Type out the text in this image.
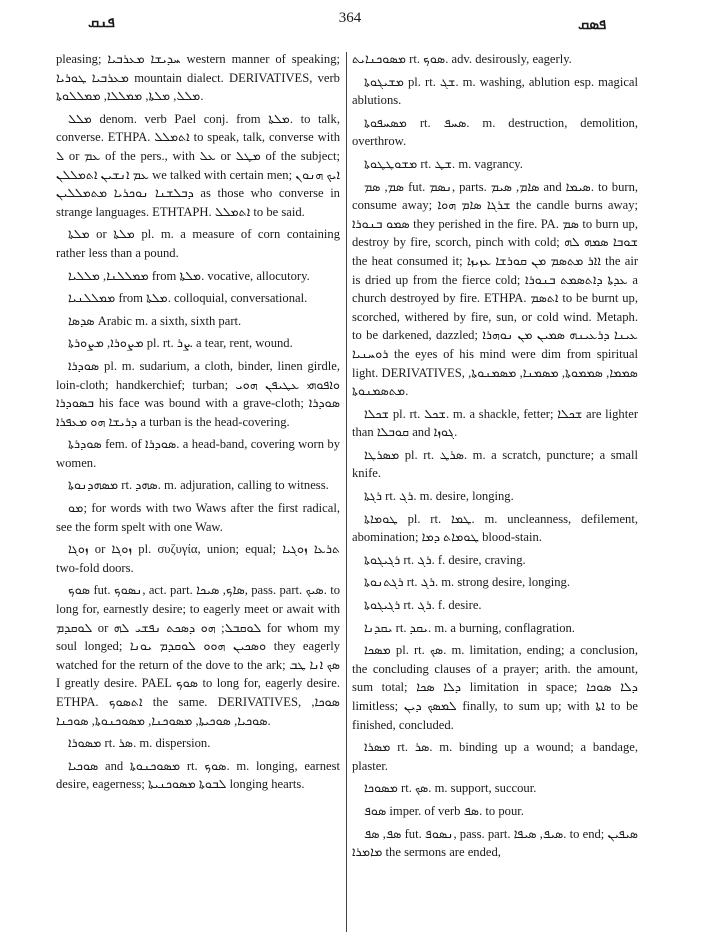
ܦܢܩ	364	ܦܣܩ

pleasing; ܚܕܝܫܐ ܡܥܪܒܝܐ western manner of speaking; ܡܥܪܒܝܐ ܛܘܪܝܐ mountain dialect. DERIVATIVES, verb ܡܠܠ, ܡܠܬܐ, ܡܡܠܠܐ, ܡܡܠܠܘܬܐ.

ܡܠܠ denom. verb Pael conj. from ܡܠܬܐ. to talk, converse. ETHPA. ܐܬܡܠܠ to speak, talk, converse with ܠ or ܥܡ of the pers., with ܥܠ or ܡܛܠ of the subject; ܥܡ ܐܢܫܝܢ ܐܬܡܠܠܢ we talked with certain men; ܐܝܟ ܗܢܘܢ ܕܒܠܫܢܐ ܢܘܟܪܝܐ ܡܬܡܠܠܝܢ as those who converse in strange languages. ETHTAPH. ܐܬܡܠܠ to be said.

ܡܠܬܐ or ܡܠܬܐ pl. m. a measure of corn containing rather less than a pound.

ܡܡܠܠܢܐ, ܡܠܠܝܐ from ܡܠܬܐ. vocative, allocutory.

ܡܡܠܠܢܝܐ from ܡܠܬܐ. colloquial, conversational.

ܣܕܣܐ Arabic m. a sixth, sixth part.

ܡܨܘܪܐ, ܡܨܘܪܬܐ pl. rt. ܨܪ. a tear, rent, wound.

ܣܘܕܪܐ pl. m. sudarium, a cloth, binder, linen girdle, loin-cloth; handkerchief; turban; ܘܐܦܘܗܝ ܥܛܝܦܢ ܗܘܝ ܒܣܘܕܪܐ his face was bound with a grave-cloth; ܣܘܕܪܐ ܕܪܝܫܐ ܗܘ ܡܥܦܪܐ a turban is the head-covering.

ܣܘܕܪܬܐ fem. of ܣܘܕܪܐ. a head-band, covering worn by women.

ܡܣܗܕܢܘܬܐ rt. ܣܗܕ. m. adjuration, calling to witness.

ܡܘ; for words with two Waws after the first radical, see the form spelt with one Waw.

ܙܘܓܐ or ܙܘܓܐ pl. συζυγία, union; equal; ܬܪܥܐ ܙܘܓܝܐ two-fold doors.

ܣܘܟ fut. ܢܣܘܟ, act. part. ܣܐܟ, ܣܝܟܐ, pass. part. ܣܝܟ. to long for, earnestly desire; to eagerly meet or await with ܠܘܩܕܡ or ܠܘܩܒܠ; ܗܘ ܕܣܟܬ ܢܦܫܝ ܠܗ for whom my soul longed; ܘܣܟܝܢ ܗܘܘ ܠܘܩܕܡ ܝܘܢܐ they eagerly watched for the return of the dove to the ark; ܣܟ ܐܢܐ ܛܒ I greatly desire. PAEL ܣܘܟ to long for, eagerly desire. ETHPA. ܐܬܣܘܟ the same. DERIVATIVES, ܣܘܟܐ, ܣܘܟܝܐ, ܣܘܟܝܬܐ, ܡܣܘܟܢܐ, ܡܣܘܟܢܘܬܐ, ܣܘܟܢܐ.

ܡܣܘܪܐ rt. ܣܪ. m. dispersion.

ܣܘܟܝܐ and ܡܣܘܟܢܘܬܐ rt. ܣܘܟ. m. longing, earnest desire, eagerness; ܠܒܘܬܐ ܡܣܘܟܢܝܬܐ longing hearts.

ܡܣܘܟܢܐܝܬ rt. ܣܘܟ. adv. desirously, eagerly.

ܡܫܝܓܘܬܐ pl. rt. ܫܓ. m. washing, ablution esp. magical ablutions.

ܡܣܚܦܘܬܐ rt. ܣܚܦ. m. destruction, demolition, overthrow.

ܡܫܘܛܛܘܬܐ rt. ܫܛ. m. vagrancy.

ܣܡ, ܣܡ fut. ܢܣܡ, parts. ܣܐܡ, ܣܝܡ and ܣܝܡܐ. to burn, consume away; ܫܪܓܐ ܣܐܡ ܗܘܐ the candle burns away; ܣܡܘ ܒܢܘܪܐ they perished in the fire. PA. ܣܡ to burn up, destroy by fire, scorch, pinch with cold; ܫܘܒܐ ܣܡܗ ܠܗ the heat consumed it; ܐܐܪ ܡܬܣܡ ܡܢ ܩܘܪܫܐ ܥܙܝܙܐ the air is dried up from the fierce cold; ܥܕܬܐ ܕܐܬܣܡܬ ܒܢܘܪܐ a church destroyed by fire. ETHPA. ܐܬܣܡ to be burnt up, scorched, withered by fire, sun, or cold wind. Metaph. to be darkened, dazzled; ܥܝܢܐ ܕܪܥܝܢܗ ܣܡܝܢ ܡܢ ܢܘܗܪܐ ܪܘܚܢܝܐ the eyes of his mind were dim from spiritual light. DERIVATIVES, ܣܡܡܐ, ܣܡܡܘܬܐ, ܡܣܡܢܐ, ܡܣܡܢܘܬܐ, ܡܬܣܡܢܘܬܐ.

ܫܟܠܐ pl. rt. ܫܟܠ. m. a shackle, fetter; ܫܟܠܐ are lighter than ܩܘܒܠܐ and ܓܘܙܐ.

ܡܣܪܛܐ pl. rt. ܣܪܛ. m. a scratch, puncture; a small knife.

ܪܓܬܐ rt. ܪܓ. m. desire, longing.

ܛܘܡܐܬܐ pl. rt. ܛܡܐ. m. uncleanness, defilement, abomination; ܛܘܡܐܬ ܕܡܐ blood-stain.

ܪܓܝܓܘܬܐ rt. ܪܓ. f. desire, craving.

ܪܓܬܢܘܬܐ rt. ܪܓ. m. strong desire, longing.

ܪܓܝܓܘܬܐ rt. ܪܓ. f. desire.

ܝܩܕܢܐ rt. ܝܩܕ. m. a burning, conflagration.

ܡܣܟܐ pl. rt. ܣܟ. m. limitation, ending; a conclusion, the concluding clauses of a prayer; arith. the amount, sum total; ܕܠܐ ܣܟܐ limitation in space; ܕܠܐ ܣܘܟܐ limitless; ܠܡܣܟ ܕܝܢ finally, to sum up; with ܐܬܐ to be finished, concluded.

ܡܣܪܐ rt. ܣܪ. m. binding up a wound; a bandage, plaster.

ܡܣܘܟܐ rt. ܣܟ. m. support, succour.

ܣܘܦ imper. of verb ܣܦ. to pour.

ܣܦ, ܣܦ fut. ܢܣܘܦ, pass. part. ܣܝܦ, ܣܝܦܐ. to end; ܣܝܦܝܢ ܡܐܡܪܐ the sermons are ended,
